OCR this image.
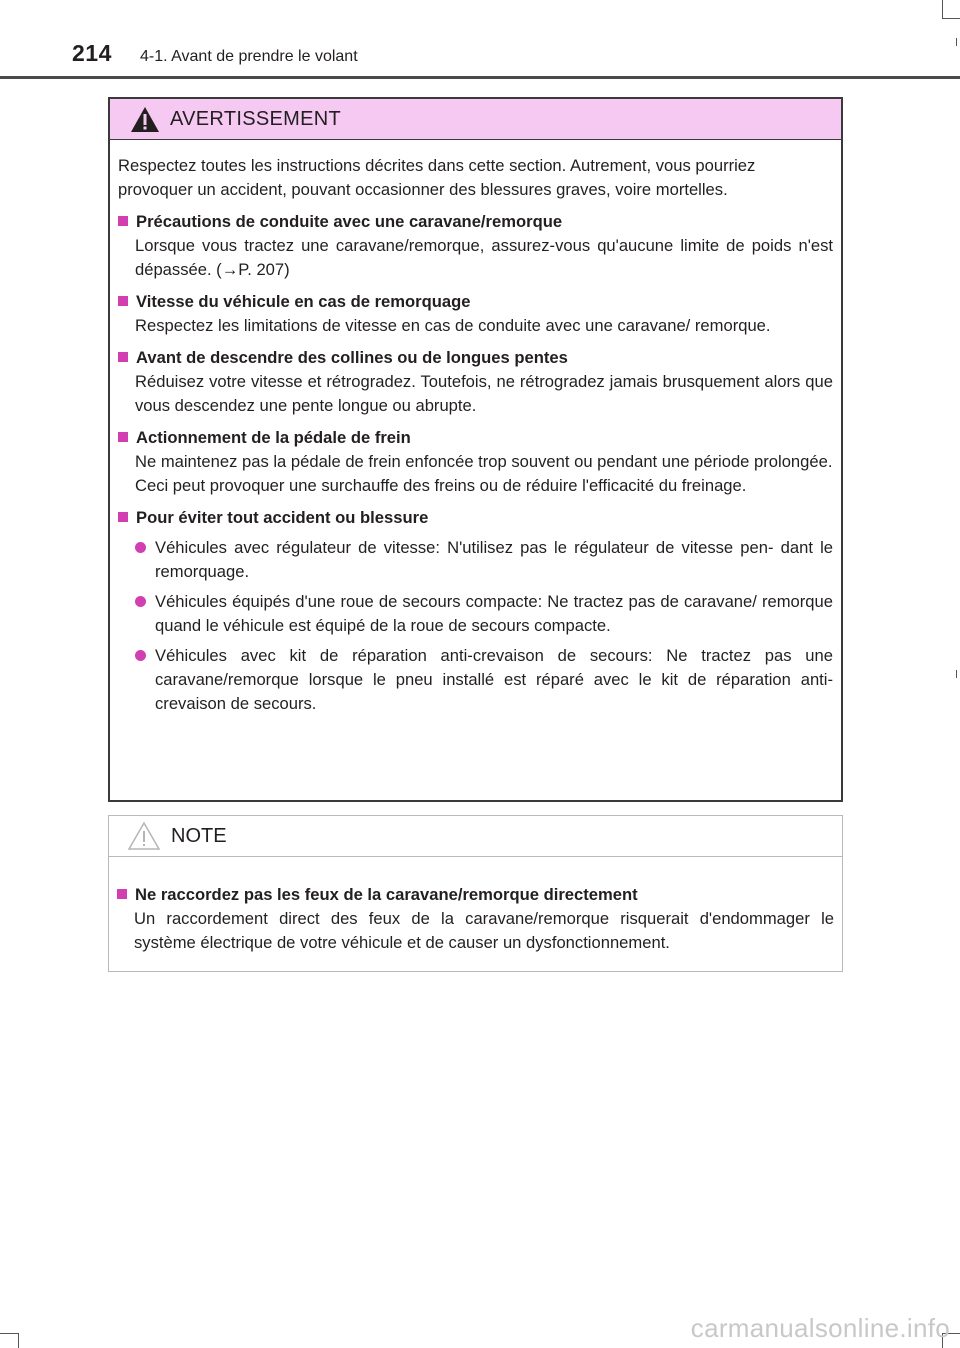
214 4-1. Avant de prendre le volant
AVERTISSEMENT

Respectez toutes les instructions décrites dans cette section. Autrement, vous pourriez provoquer un accident, pouvant occasionner des blessures graves, voire mortelles.

Précautions de conduite avec une caravane/remorque

Lorsque vous tractez une caravane/remorque, assurez-vous qu'aucune limite de poids n'est dépassée. (→P. 207)

Vitesse du véhicule en cas de remorquage

Respectez les limitations de vitesse en cas de conduite avec une caravane/ remorque.

Avant de descendre des collines ou de longues pentes

Réduisez votre vitesse et rétrogradez. Toutefois, ne rétrogradez jamais brusquement alors que vous descendez une pente longue ou abrupte.

Actionnement de la pédale de frein

Ne maintenez pas la pédale de frein enfoncée trop souvent ou pendant une période prolongée.

Ceci peut provoquer une surchauffe des freins ou de réduire l'efficacité du freinage.

Pour éviter tout accident ou blessure

Véhicules avec régulateur de vitesse: N'utilisez pas le régulateur de vitesse pen- dant le remorquage.

Véhicules équipés d'une roue de secours compacte: Ne tractez pas de caravane/ remorque quand le véhicule est équipé de la roue de secours compacte.

Véhicules avec kit de réparation anti-crevaison de secours: Ne tractez pas une caravane/remorque lorsque le pneu installé est réparé avec le kit de réparation anti-crevaison de secours.

NOTE

Ne raccordez pas les feux de la caravane/remorque directement

Un raccordement direct des feux de la caravane/remorque risquerait d'endommager le système électrique de votre véhicule et de causer un dysfonctionnement.

carmanualsonline.info
